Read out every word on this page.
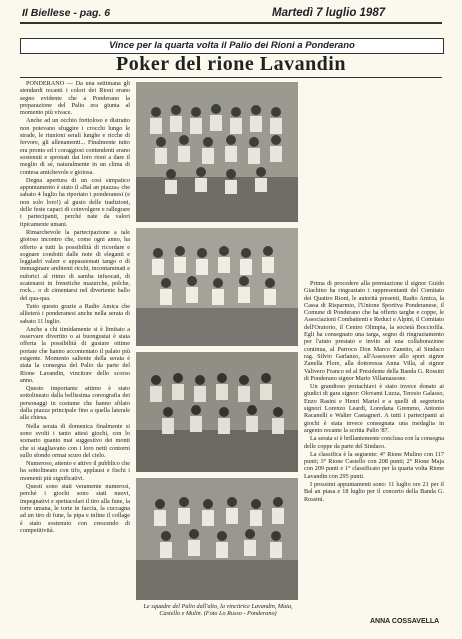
Il Biellese - pag. 6	Martedì 7 luglio 1987
Vince per la quarta volta il Palio dei Rioni a Ponderano
Poker del rione Lavandin

PONDERANO — Da una settimana gli stendardi recanti i colori dei Rioni erano segno evidente che a Ponderano la preparazione del Palio era giunta al momento più vivace.

Anche ad un occhio frettoloso e distratto non potevano sfuggire i crocchi lungo le strade, le riunioni serali lunghe e ricche di fervore, gli allenamenti... Finalmente tutto era pronto ed i coraggiosi contendenti erano sostenuti e spronati dai loro rioni a dare il meglio di sé, naturalmente in un clima di contesa amichevole e gioiosa.

Degna apertura di un così simpatico appuntamento è stato il «Bal an piazza» che sabato 4 luglio ha riportato i ponderanesi (e non solo loro!) al gusto delle tradizioni, delle feste capaci di coinvolgere e rallegrare i partecipanti, perché nate da valori tipicamente umani.

Rimarchevole la partecipazione a tale gioioso incontro che, come ogni anno, ha offerto a tutti la possibilità di ricordare e sognare condotti dalle note di eleganti e leggiadri valzer e appassionati tango o di immaginare ambienti ricchi, incontaminati e euforici al ritmo di samba infuocati, di scatenarsi in frenetiche mazurche, polche, rock... o di cimentarsi nel divertente ballo del qua-qua.

Tutto questo grazie a Radio Amica che allieterà i ponderanesi anche nella serata di sabato 11 luglio.

Anche a chi timidamente si è limitato a osservare divertito o ai buongustai è stata offerta la possibilità di gustare ottime portate che hanno accontentato il palato più esigente. Momento saliente della serata è stata la consegna del Palio da parte del Rione Lavandin, vincitore dello scorso anno.

Questo importante attimo è stato sottolineato dalla bellissima coreografia dei personaggi in costume che hanno sfilato dalla piazza principale fino a quella laterale alla chiesa.

Nella serata di domenica finalmente si sono svolti i tanto attesi giochi, con lo scenario quanto mai suggestivo dei monti che si stagliavano con i loro netti contorni sullo sfondo ormai scuro del cielo.

Numeroso, attento e attivo il pubblico che ha sottolineato con tifo, applausi e fischi i momenti più significativi.

Questi sono stati veramente numerosi, perché i giochi sono stati nuovi, impegnativi e spettacolari il tiro alla fune, la torre umana, le torte in faccia, la cuccagna ad un tiro di fune, la pipa e infine il collage è stato sostenuto con crescendo di competitività.

Le squadre del Palio dall'alto, la vincitrice Lavandin, Maia, Castello e Mulin. (Foto Lo Russo - Ponderano)

Prima di procedere alla premiazione il signor Guido Giachino ha ringraziato i rappresentanti del Comitato dei Quattro Rioni, le autorità presenti, Radio Amica, la Cassa di Risparmio, l'Unione Sportiva Ponderanese, il Comune di Ponderano che ha offerto targhe e coppe, le Associazioni Combattenti e Reduci e Alpini, il Comitato dell'Oratorio, il Centro Olimpia, la società Bocciofila. Egli ha consegnato una targa, segno di ringraziamento per l'aiuto prestato e invito ad una collaborazione continua, al Parroco Don Marco Zanetto, al Sindaco rag. Silvio Garlanzo, all'Assessore allo sport signor Zanella Flore, alla dottoressa Anna Villa, al signor Valivero Franco ed al Presidente della Banda G. Rossini di Ponderano signor Mario Villamassone.

Un grandioso portachiavi è stato invece donato ai giudici di gara signor: Olovami Luzza, Teresio Galasso, Enzo Rasini e Henri Mariel e a quelli di segreteria signori Lorenzo Leardi, Loredana Gremmo, Antonio Racanelli e Walter Castagneri. A tutti i partecipanti ai giochi è stata invece consegnata una medaglia in argento recante la scritta Palio '87.

La serata si è brillantemente conclusa con la consegna delle coppe da parte del Sindaco.

La classifica è la seguente: 4° Rione Mulino con 117 punti; 3° Rione Castello con 208 punti; 2° Rione Maja con 209 punti e 1° classificato per la quarta volta Rione Lavandin con 295 punti.

I prossimi appuntamenti sono: 11 luglio ore 21 per il Bal an piasa e 18 luglio per il concerto della Banda G. Rossini.

ANNA COSSAVELLA
